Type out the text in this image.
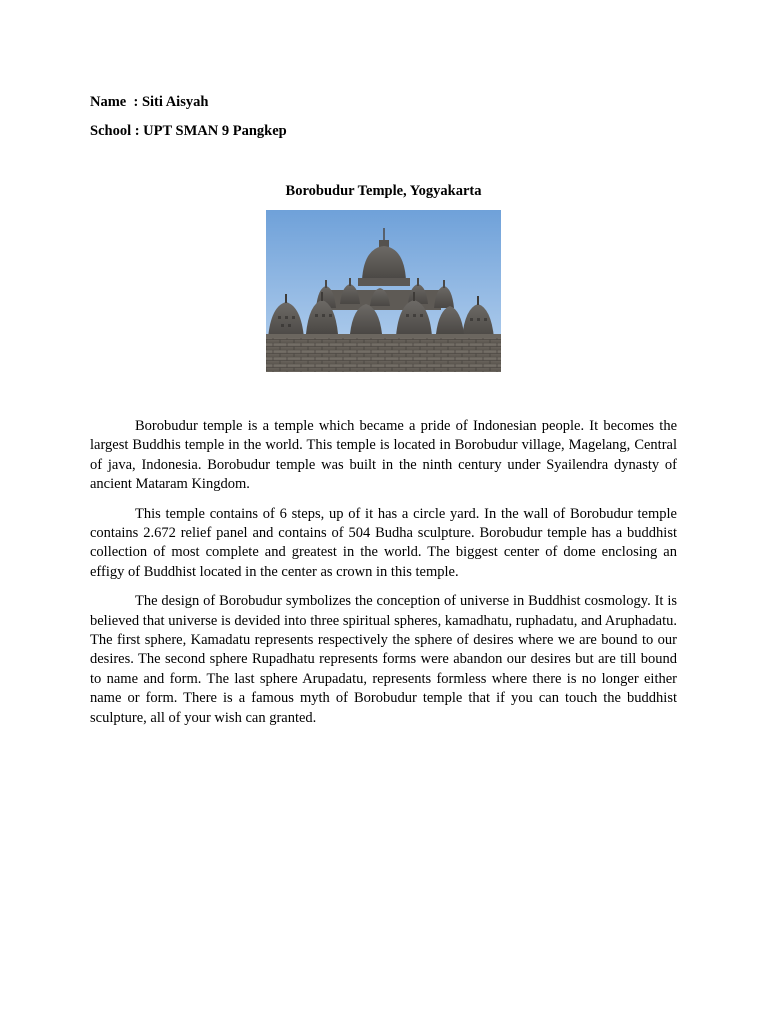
Name  : Siti Aisyah

School : UPT SMAN 9 Pangkep

Borobudur Temple, Yogyakarta

Borobudur temple is a temple which became a pride of Indonesian people. It becomes the largest Buddhis temple in the world. This temple is located in Borobudur village, Magelang, Central of java, Indonesia. Borobudur temple was built in the ninth century under Syailendra dynasty of ancient Mataram Kingdom.

This temple contains of 6 steps, up of it has a circle yard. In the wall of Borobudur temple contains 2.672 relief panel and contains of 504 Budha sculpture. Borobudur temple has a buddhist collection of most complete and greatest in the world. The biggest center of dome enclosing an effigy of Buddhist located in the center as crown in this temple.

The design of Borobudur symbolizes the conception of universe in Buddhist cosmology. It is believed that universe is devided into three spiritual spheres, kamadhatu, ruphadatu, and Aruphadatu. The first sphere, Kamadatu represents respectively the sphere of desires where we are bound to our desires. The second sphere Rupadhatu represents forms were abandon our desires but are till bound to name and form. The last sphere Arupadatu, represents formless where there is no longer either name or form. There is a famous myth of Borobudur temple that if you can touch the buddhist sculpture, all of your wish can granted.
